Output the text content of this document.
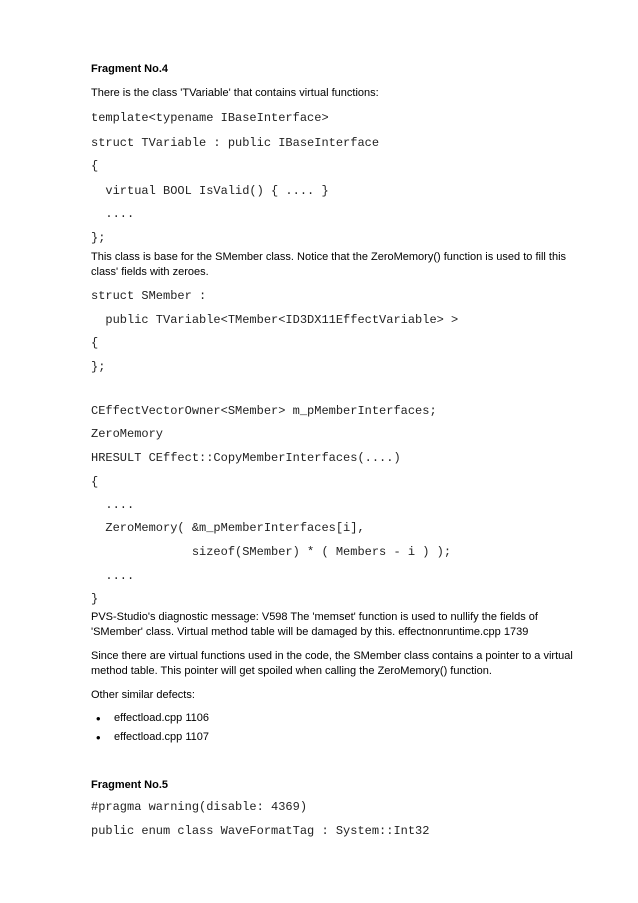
Fragment No.4
There is the class 'TVariable' that contains virtual functions:
template<typename IBaseInterface>
struct TVariable : public IBaseInterface
{
virtual BOOL IsValid() { .... }
....
};
This class is base for the SMember class. Notice that the ZeroMemory() function is used to fill this class' fields with zeroes.
struct SMember :
public TVariable<TMember<ID3DX11EffectVariable> >
{
};
CEffectVectorOwner<SMember> m_pMemberInterfaces;
ZeroMemory
HRESULT CEffect::CopyMemberInterfaces(....)
{
....
ZeroMemory( &m_pMemberInterfaces[i],
sizeof(SMember) * ( Members - i ) );
....
}
PVS-Studio's diagnostic message: V598 The 'memset' function is used to nullify the fields of 'SMember' class. Virtual method table will be damaged by this. effectnonruntime.cpp 1739
Since there are virtual functions used in the code, the SMember class contains a pointer to a virtual method table. This pointer will get spoiled when calling the ZeroMemory() function.
Other similar defects:
• effectload.cpp 1106
• effectload.cpp 1107
Fragment No.5
#pragma warning(disable: 4369)
public enum class WaveFormatTag : System::Int32
